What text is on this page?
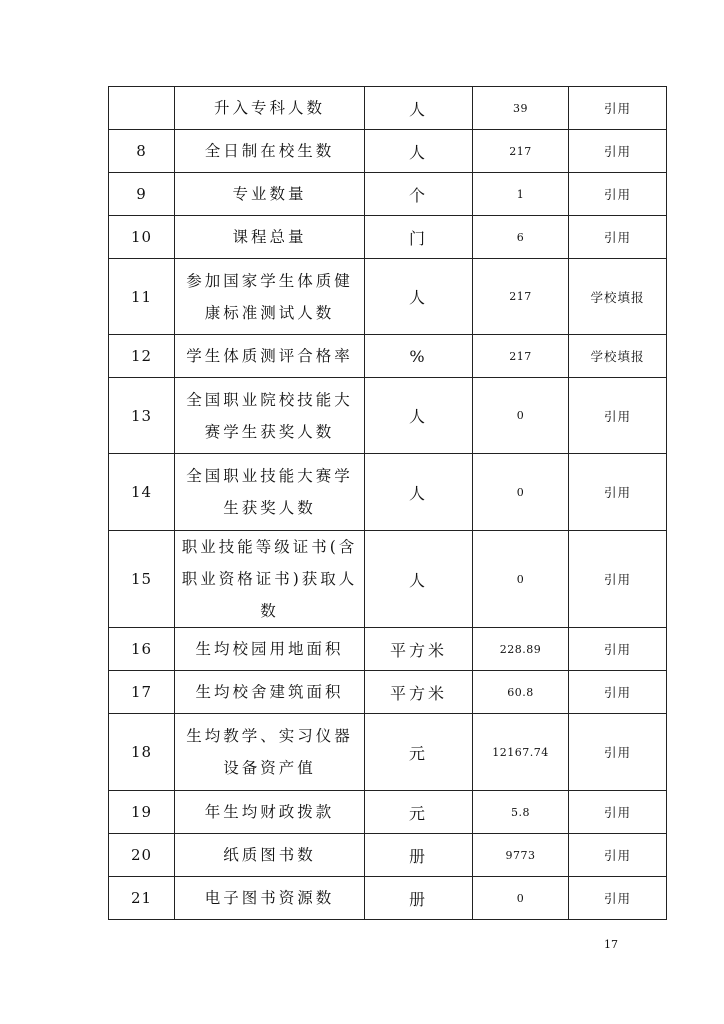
	升入专科人数	人	39	引用
8	全日制在校生数	人	217	引用
9	专业数量	个	1	引用
10	课程总量	门	6	引用
11	参加国家学生体质健康标准测试人数	人	217	学校填报
12	学生体质测评合格率	%	217	学校填报
13	全国职业院校技能大赛学生获奖人数	人	0	引用
14	全国职业技能大赛学生获奖人数	人	0	引用
15	职业技能等级证书(含职业资格证书)获取人数	人	0	引用
16	生均校园用地面积	平方米	228.89	引用
17	生均校舍建筑面积	平方米	60.8	引用
18	生均教学、实习仪器设备资产值	元	12167.74	引用
19	年生均财政拨款	元	5.8	引用
20	纸质图书数	册	9773	引用
21	电子图书资源数	册	0	引用
17
